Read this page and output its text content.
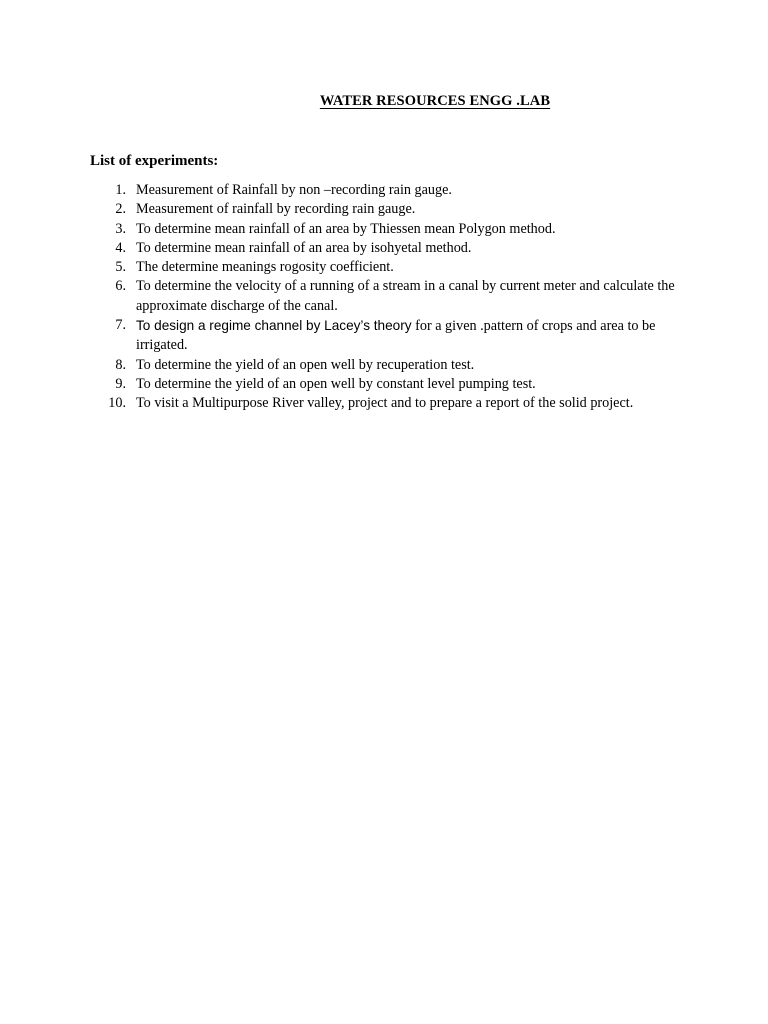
WATER RESOURCES ENGG .LAB
List of experiments:
1. Measurement of Rainfall by non –recording rain gauge.
2. Measurement of rainfall by recording rain gauge.
3. To determine mean rainfall of an area by Thiessen mean Polygon method.
4. To determine mean rainfall of an area by isohyetal method.
5. The determine meanings rogosity coefficient.
6. To determine the velocity of a running of a stream in a canal by current meter and calculate the approximate discharge of the canal.
7. To design a regime channel by Lacey’s theory for a given .pattern of crops and area to be irrigated.
8. To determine the yield of an open well by recuperation test.
9. To determine the yield of an open well by constant level pumping test.
10. To visit a Multipurpose River valley, project and to prepare a report of the solid project.
